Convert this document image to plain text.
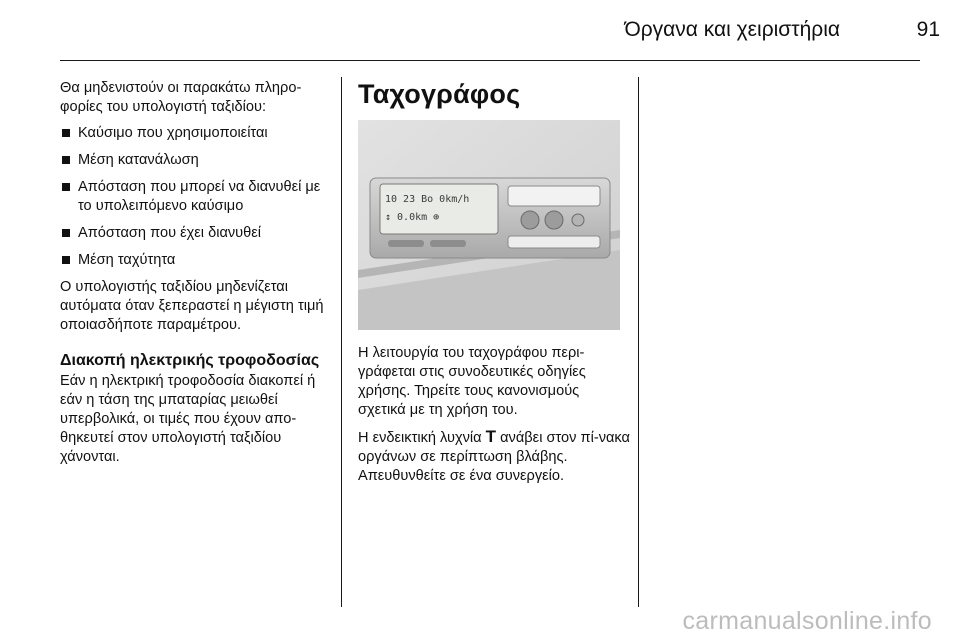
Όργανα και χειριστήρια	91

Θα μηδενιστούν οι παρακάτω πληρο-φορίες του υπολογιστή ταξιδίου:

Καύσιμο που χρησιμοποιείται
Μέση κατανάλωση
Απόσταση που μπορεί να διανυθεί με το υπολειπόμενο καύσιμο
Απόσταση που έχει διανυθεί
Μέση ταχύτητα

Ο υπολογιστής ταξιδίου μηδενίζεται αυτόματα όταν ξεπεραστεί η μέγιστη τιμή οποιασδήποτε παραμέτρου.

Διακοπή ηλεκτρικής τροφοδοσίας

Εάν η ηλεκτρική τροφοδοσία διακοπεί ή εάν η τάση της μπαταρίας μειωθεί υπερβολικά, οι τιμές που έχουν απο-θηκευτεί στον υπολογιστή ταξιδίου χάνονται.

Ταχογράφος
10 23 Bo 0km/h
↕ 0.0km ⊕

Η λειτουργία του ταχογράφου περι-γράφεται στις συνοδευτικές οδηγίες χρήσης. Τηρείτε τους κανονισμούς σχετικά με τη χρήση του.

Η ενδεικτική λυχνία T ανάβει στον πί-νακα οργάνων σε περίπτωση βλάβης. Απευθυνθείτε σε ένα συνεργείο.

carmanualsonline.info
